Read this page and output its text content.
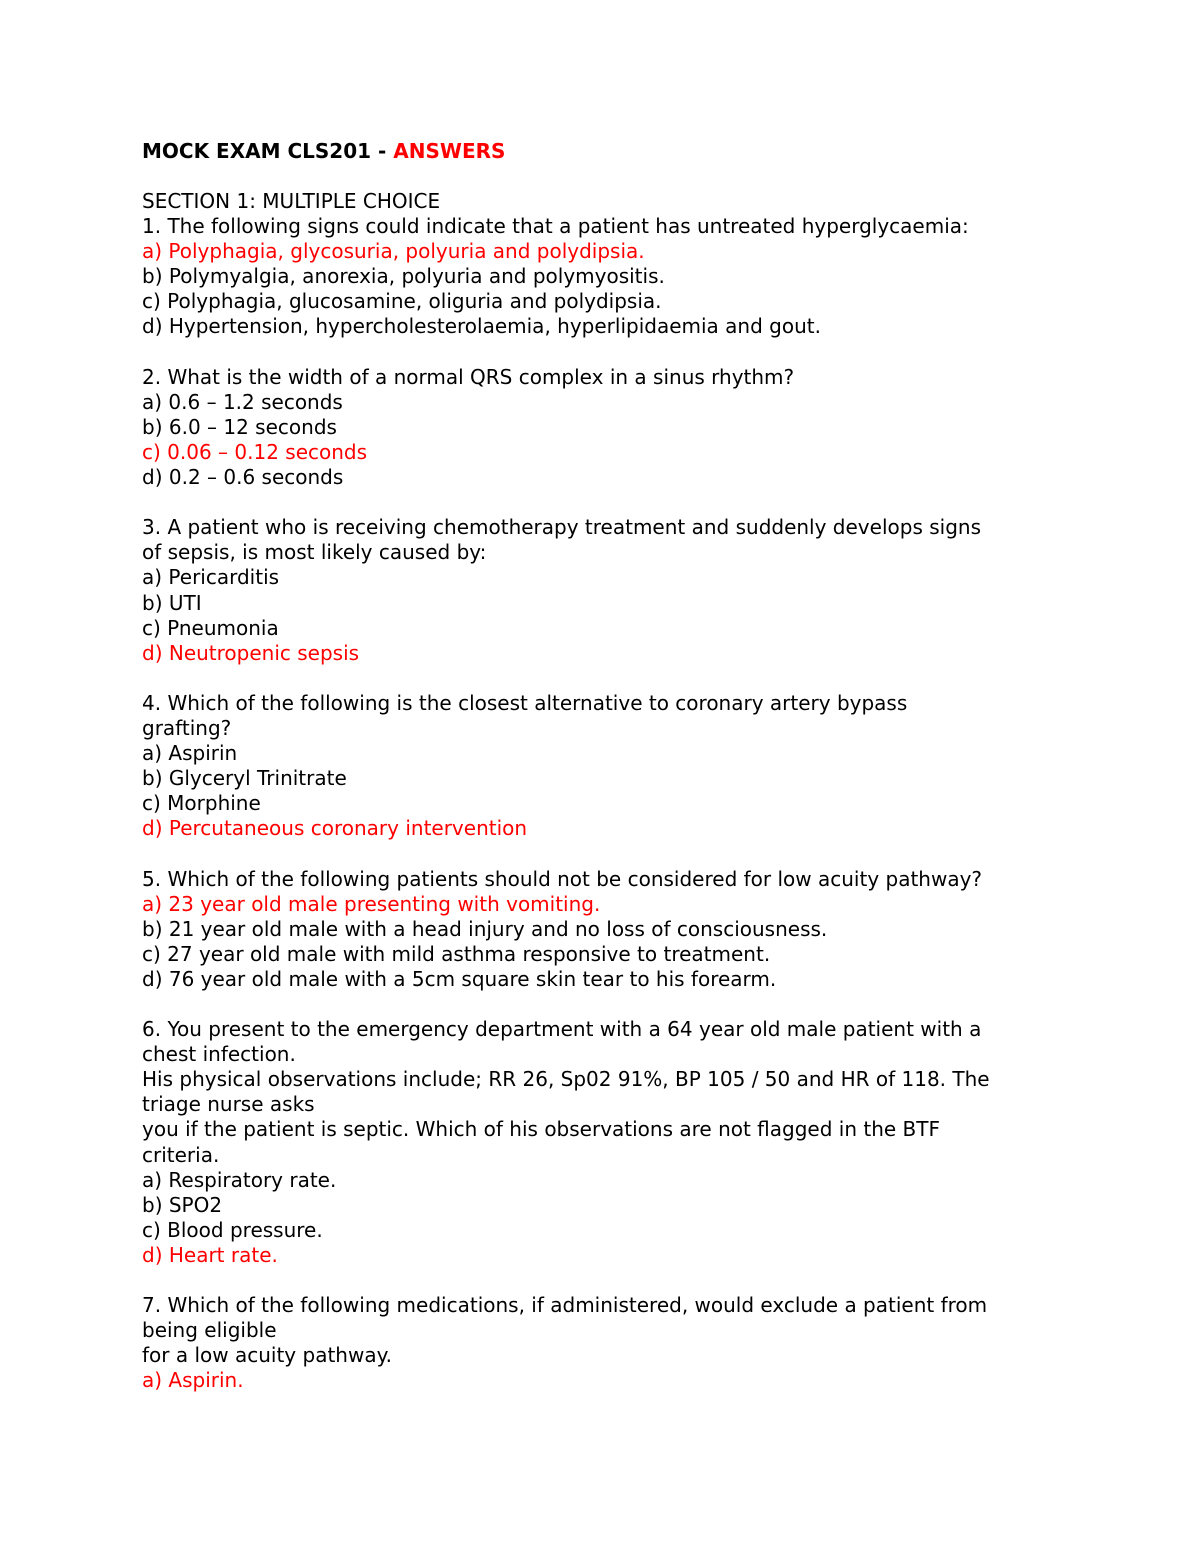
MOCK EXAM CLS201 - ANSWERS
SECTION 1: MULTIPLE CHOICE
1. The following signs could indicate that a patient has untreated hyperglycaemia:
a) Polyphagia, glycosuria, polyuria and polydipsia.
b) Polymyalgia, anorexia, polyuria and polymyositis.
c) Polyphagia, glucosamine, oliguria and polydipsia.
d) Hypertension, hypercholesterolaemia, hyperlipidaemia and gout.
2. What is the width of a normal QRS complex in a sinus rhythm?
a) 0.6 – 1.2 seconds
b) 6.0 – 12 seconds
c) 0.06 – 0.12 seconds
d) 0.2 – 0.6 seconds
3. A patient who is receiving chemotherapy treatment and suddenly develops signs
of sepsis, is most likely caused by:
a) Pericarditis
b) UTI
c) Pneumonia
d) Neutropenic sepsis
4. Which of the following is the closest alternative to coronary artery bypass
grafting?
a) Aspirin
b) Glyceryl Trinitrate
c) Morphine
d) Percutaneous coronary intervention
5. Which of the following patients should not be considered for low acuity pathway?
a) 23 year old male presenting with vomiting.
b) 21 year old male with a head injury and no loss of consciousness.
c) 27 year old male with mild asthma responsive to treatment.
d) 76 year old male with a 5cm square skin tear to his forearm.
6. You present to the emergency department with a 64 year old male patient with a
chest infection.
His physical observations include; RR 26, Sp02 91%, BP 105 / 50 and HR of 118. The
triage nurse asks
you if the patient is septic. Which of his observations are not flagged in the BTF
criteria.
a) Respiratory rate.
b) SPO2
c) Blood pressure.
d) Heart rate.
7. Which of the following medications, if administered, would exclude a patient from
being eligible
for a low acuity pathway.
a) Aspirin.
